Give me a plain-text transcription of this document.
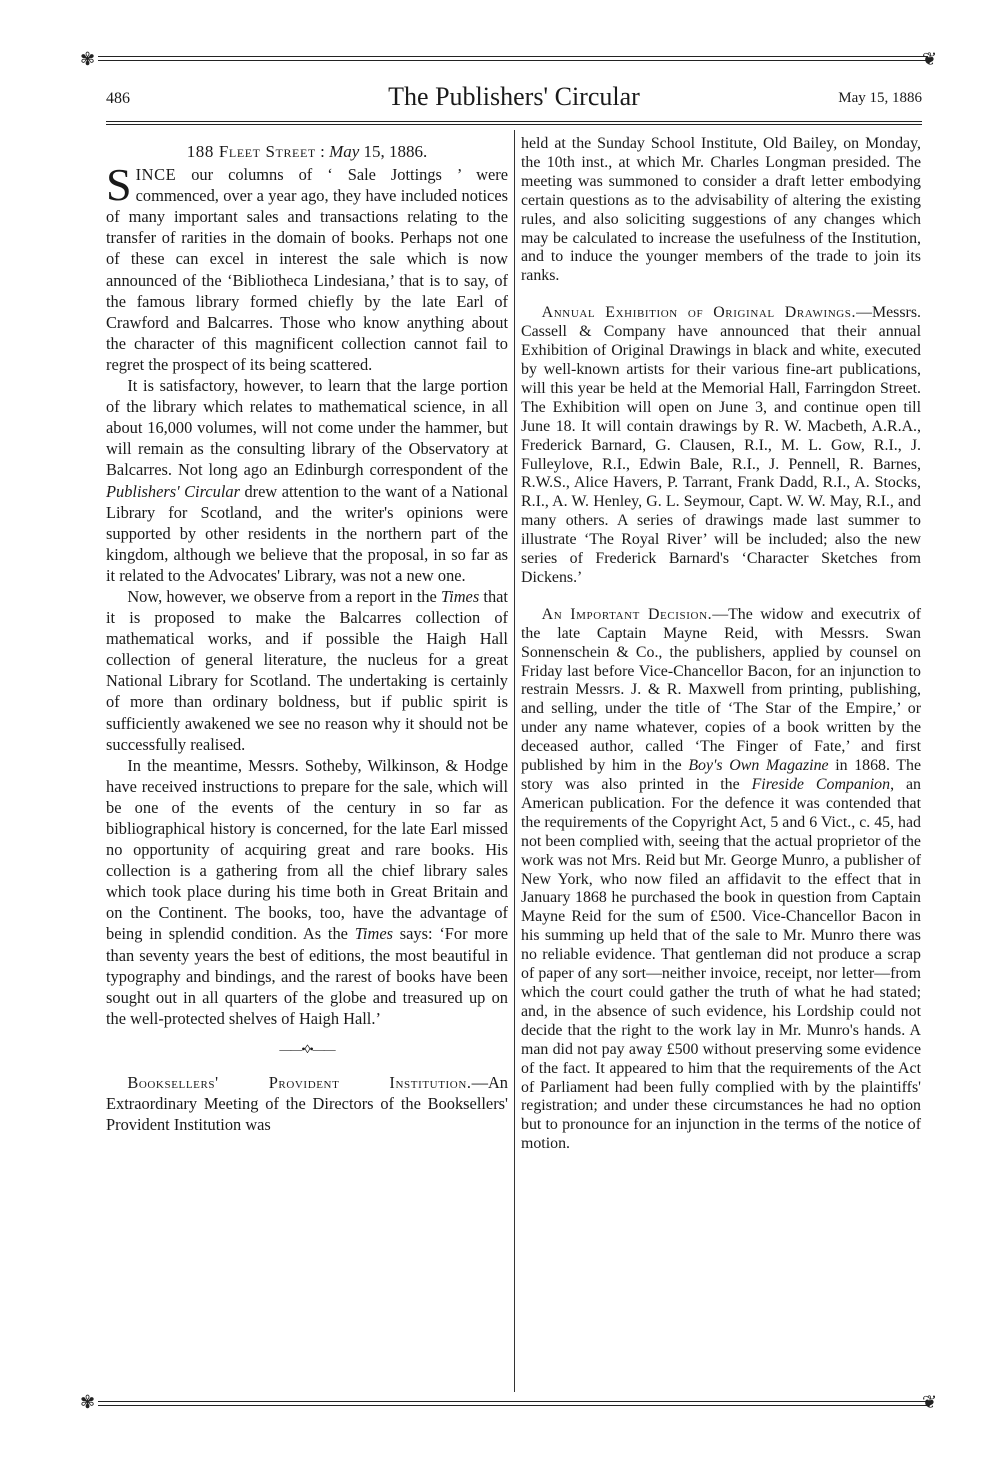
✾	❦
486	The Publishers' Circular	May 15, 1886
188 Fleet Street : May 15, 1886.

SINCE our columns of ‘ Sale Jottings ’ were commenced, over a year ago, they have included notices of many important sales and transactions relating to the transfer of rarities in the domain of books. Perhaps not one of these can excel in interest the sale which is now announced of the ‘Bibliotheca Lindesiana,’ that is to say, of the famous library formed chiefly by the late Earl of Crawford and Balcarres. Those who know anything about the character of this magnificent collection cannot fail to regret the prospect of its being scattered.

It is satisfactory, however, to learn that the large portion of the library which relates to mathematical science, in all about 16,000 volumes, will not come under the hammer, but will remain as the consulting library of the Observatory at Balcarres. Not long ago an Edinburgh correspondent of the Publishers' Circular drew attention to the want of a National Library for Scotland, and the writer's opinions were supported by other residents in the northern part of the kingdom, although we believe that the proposal, in so far as it related to the Advocates' Library, was not a new one.

Now, however, we observe from a report in the Times that it is proposed to make the Balcarres collection of mathematical works, and if possible the Haigh Hall collection of general literature, the nucleus for a great National Library for Scotland. The undertaking is certainly of more than ordinary boldness, but if public spirit is sufficiently awakened we see no reason why it should not be successfully realised.

In the meantime, Messrs. Sotheby, Wilkinson, & Hodge have received instructions to prepare for the sale, which will be one of the events of the century in so far as bibliographical history is concerned, for the late Earl missed no opportunity of acquiring great and rare books. His collection is a gathering from all the chief library sales which took place during his time both in Great Britain and on the Continent. The books, too, have the advantage of being in splendid condition. As the Times says: ‘For more than seventy years the best of editions, the most beautiful in typography and bindings, and the rarest of books have been sought out in all quarters of the globe and treasured up on the well-protected shelves of Haigh Hall.’

——•◊•——

Booksellers' Provident Institution.—An Extraordinary Meeting of the Directors of the Booksellers' Provident Institution was

held at the Sunday School Institute, Old Bailey, on Monday, the 10th inst., at which Mr. Charles Longman presided. The meeting was summoned to consider a draft letter embodying certain questions as to the advisability of altering the existing rules, and also soliciting suggestions of any changes which may be calculated to increase the usefulness of the Institution, and to induce the younger members of the trade to join its ranks.

Annual Exhibition of Original Drawings.—Messrs. Cassell & Company have announced that their annual Exhibition of Original Drawings in black and white, executed by well-known artists for their various fine-art publications, will this year be held at the Memorial Hall, Farringdon Street. The Exhibition will open on June 3, and continue open till June 18. It will contain drawings by R. W. Macbeth, A.R.A., Frederick Barnard, G. Clausen, R.I., M. L. Gow, R.I., J. Fulleylove, R.I., Edwin Bale, R.I., J. Pennell, R. Barnes, R.W.S., Alice Havers, P. Tarrant, Frank Dadd, R.I., A. Stocks, R.I., A. W. Henley, G. L. Seymour, Capt. W. W. May, R.I., and many others. A series of drawings made last summer to illustrate ‘The Royal River’ will be included; also the new series of Frederick Barnard's ‘Character Sketches from Dickens.’

An Important Decision.—The widow and executrix of the late Captain Mayne Reid, with Messrs. Swan Sonnenschein & Co., the publishers, applied by counsel on Friday last before Vice-Chancellor Bacon, for an injunction to restrain Messrs. J. & R. Maxwell from printing, publishing, and selling, under the title of ‘The Star of the Empire,’ or under any name whatever, copies of a book written by the deceased author, called ‘The Finger of Fate,’ and first published by him in the Boy's Own Magazine in 1868. The story was also printed in the Fireside Companion, an American publication. For the defence it was contended that the requirements of the Copyright Act, 5 and 6 Vict., c. 45, had not been complied with, seeing that the actual proprietor of the work was not Mrs. Reid but Mr. George Munro, a publisher of New York, who now filed an affidavit to the effect that in January 1868 he purchased the book in question from Captain Mayne Reid for the sum of £500. Vice-Chancellor Bacon in his summing up held that of the sale to Mr. Munro there was no reliable evidence. That gentleman did not produce a scrap of paper of any sort—neither invoice, receipt, nor letter—from which the court could gather the truth of what he had stated; and, in the absence of such evidence, his Lordship could not decide that the right to the work lay in Mr. Munro's hands. A man did not pay away £500 without preserving some evidence of the fact. It appeared to him that the requirements of the Act of Parliament had been fully complied with by the plaintiffs' registration; and under these circumstances he had no option but to pronounce for an injunction in the terms of the notice of motion.

✾	❦
